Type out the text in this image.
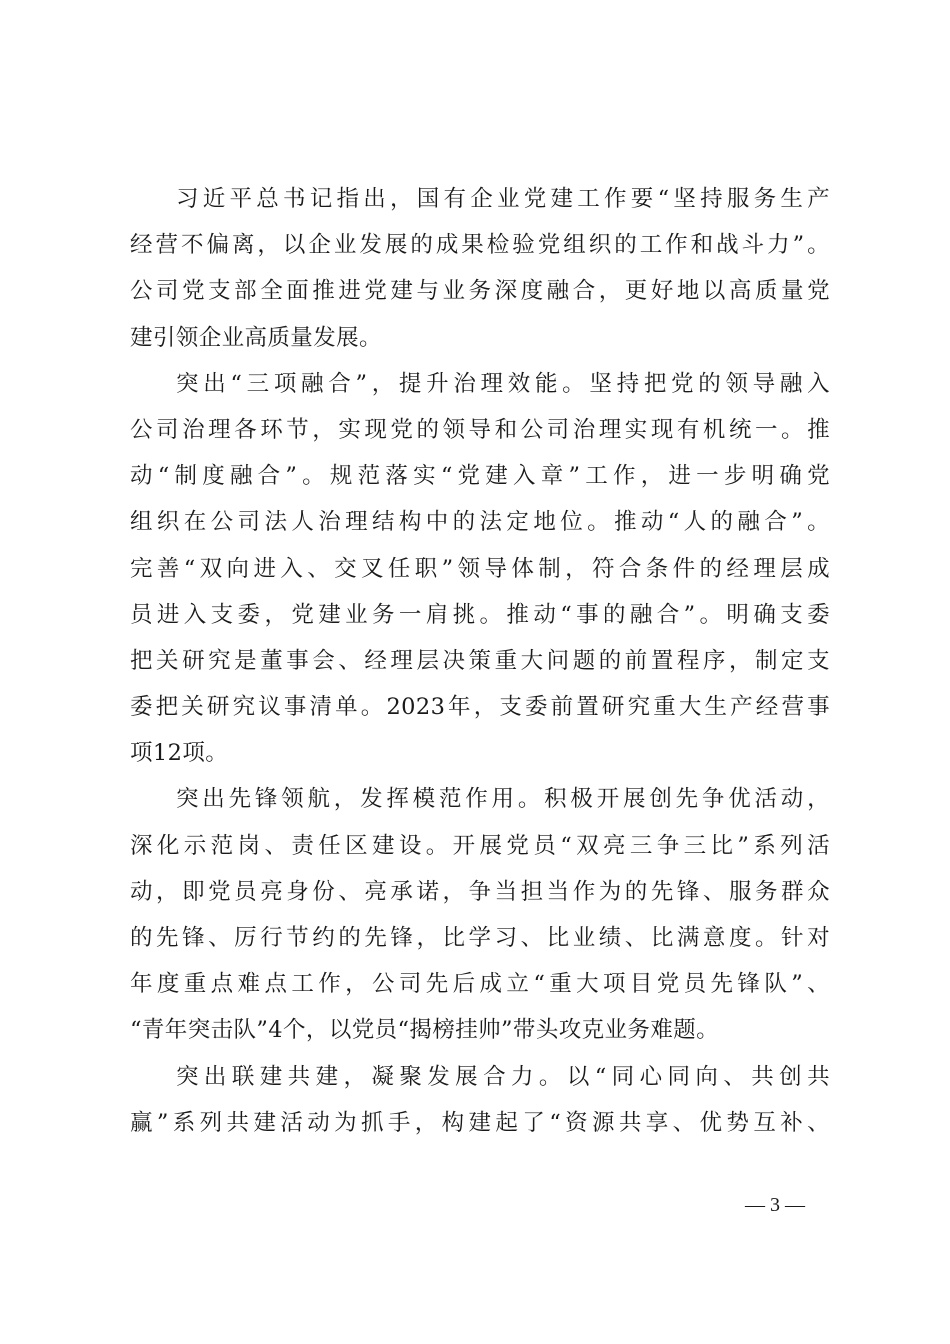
习近平总书记指出，国有企业党建工作要“坚持服务生产
经营不偏离，以企业发展的成果检验党组织的工作和战斗力”。
公司党支部全面推进党建与业务深度融合，更好地以高质量党
建引领企业高质量发展。
突出“三项融合”，提升治理效能。坚持把党的领导融入
公司治理各环节，实现党的领导和公司治理实现有机统一。推
动“制度融合”。规范落实“党建入章”工作，进一步明确党
组织在公司法人治理结构中的法定地位。推动“人的融合”。
完善“双向进入、交叉任职”领导体制，符合条件的经理层成
员进入支委，党建业务一肩挑。推动“事的融合”。明确支委
把关研究是董事会、经理层决策重大问题的前置程序，制定支
委把关研究议事清单。2023年，支委前置研究重大生产经营事
项12项。
突出先锋领航，发挥模范作用。积极开展创先争优活动，
深化示范岗、责任区建设。开展党员“双亮三争三比”系列活
动，即党员亮身份、亮承诺，争当担当作为的先锋、服务群众
的先锋、厉行节约的先锋，比学习、比业绩、比满意度。针对
年度重点难点工作，公司先后成立“重大项目党员先锋队”、
“青年突击队”4个，以党员“揭榜挂帅”带头攻克业务难题。
突出联建共建，凝聚发展合力。以“同心同向、共创共
赢”系列共建活动为抓手，构建起了“资源共享、优势互补、
— 3 —
